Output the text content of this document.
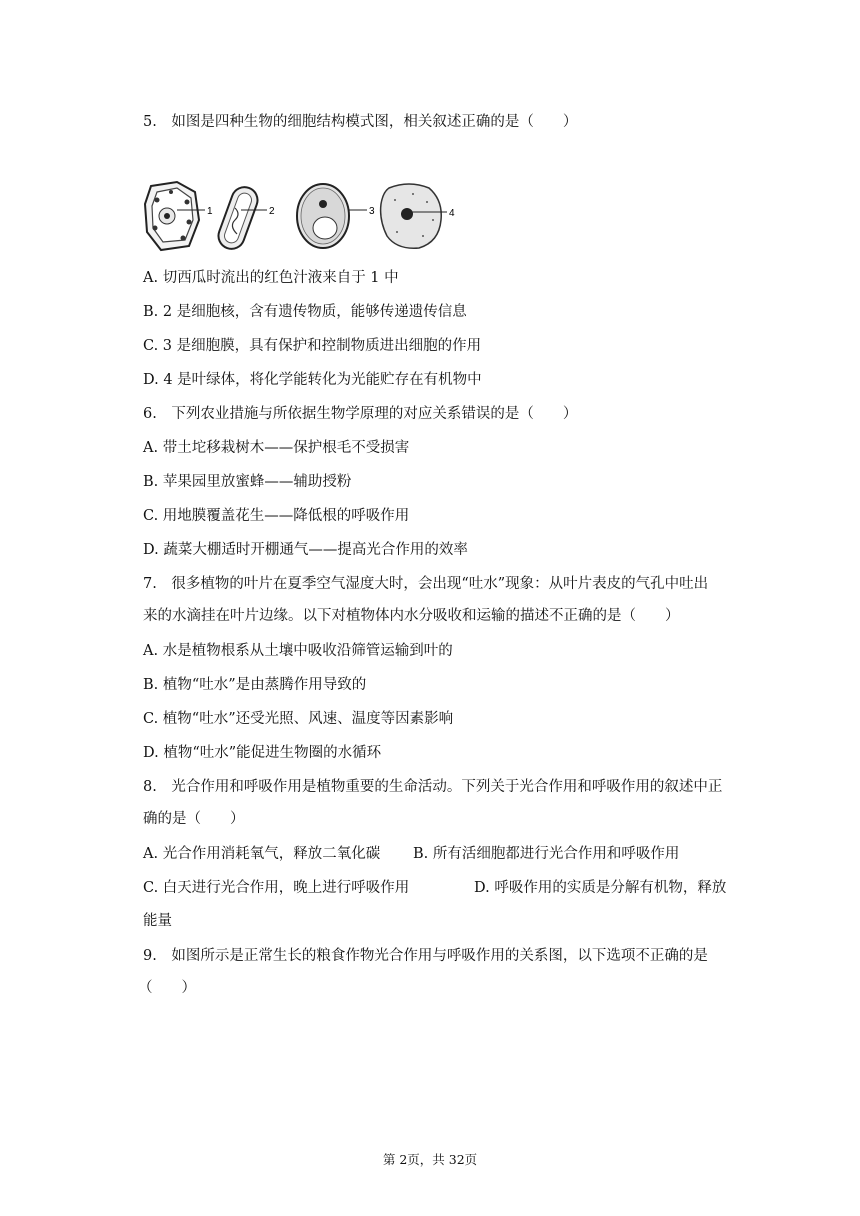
5.　如图是四种生物的细胞结构模式图，相关叙述正确的是（　　）
1	2	3	4
A. 切西瓜时流出的红色汁液来自于 1 中
B. 2 是细胞核，含有遗传物质，能够传递遗传信息
C. 3 是细胞膜，具有保护和控制物质进出细胞的作用
D. 4 是叶绿体，将化学能转化为光能贮存在有机物中
6.　下列农业措施与所依据生物学原理的对应关系错误的是（　　）
A. 带土坨移栽树木——保护根毛不受损害
B. 苹果园里放蜜蜂——辅助授粉
C. 用地膜覆盖花生——降低根的呼吸作用
D. 蔬菜大棚适时开棚通气——提高光合作用的效率
7.　很多植物的叶片在夏季空气湿度大时，会出现“吐水”现象：从叶片表皮的气孔中吐出
来的水滴挂在叶片边缘。以下对植物体内水分吸收和运输的描述不正确的是（　　）
A. 水是植物根系从土壤中吸收沿筛管运输到叶的
B. 植物“吐水”是由蒸腾作用导致的
C. 植物“吐水”还受光照、风速、温度等因素影响
D. 植物“吐水”能促进生物圈的水循环
8.　光合作用和呼吸作用是植物重要的生命活动。下列关于光合作用和呼吸作用的叙述中正
确的是（　　）
A. 光合作用消耗氧气，释放二氧化碳 B. 所有活细胞都进行光合作用和呼吸作用
C. 白天进行光合作用，晚上进行呼吸作用	D. 呼吸作用的实质是分解有机物，释放
能量
9.　如图所示是正常生长的粮食作物光合作用与呼吸作用的关系图，以下选项不正确的是
（　　）
第 2页，共 32页
